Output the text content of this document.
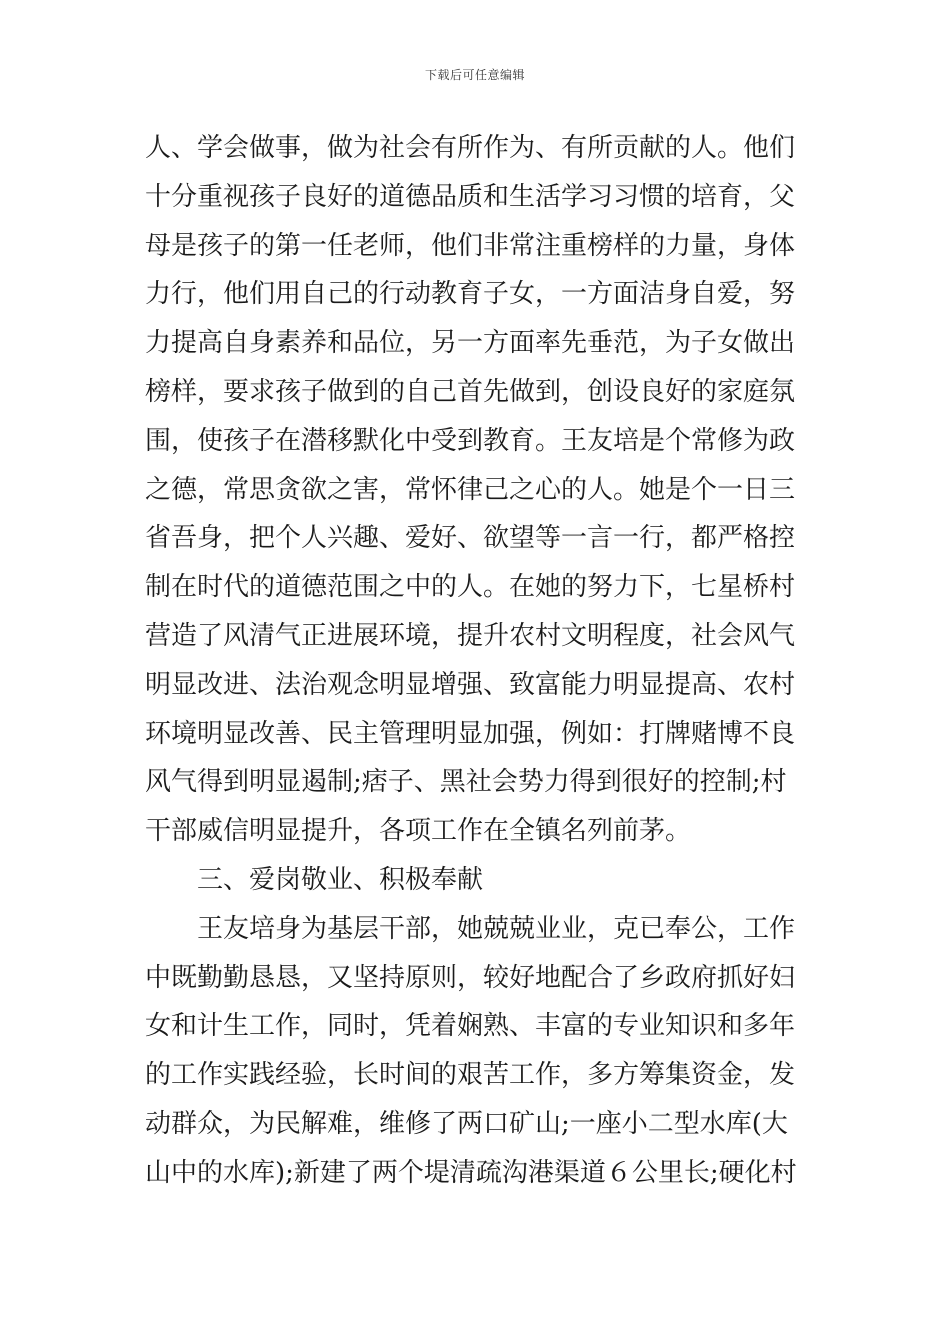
下载后可任意编辑
人、学会做事，做为社会有所作为、有所贡献的人。他们
十分重视孩子良好的道德品质和生活学习习惯的培育，父
母是孩子的第一任老师，他们非常注重榜样的力量，身体
力行，他们用自己的行动教育子女，一方面洁身自爱，努
力提高自身素养和品位，另一方面率先垂范，为子女做出
榜样，要求孩子做到的自己首先做到，创设良好的家庭氛
围，使孩子在潜移默化中受到教育。王友培是个常修为政
之德，常思贪欲之害，常怀律己之心的人。她是个一日三
省吾身，把个人兴趣、爱好、欲望等一言一行，都严格控
制在时代的道德范围之中的人。在她的努力下，七星桥村
营造了风清气正进展环境，提升农村文明程度，社会风气
明显改进、法治观念明显增强、致富能力明显提高、农村
环境明显改善、民主管理明显加强，例如：打牌赌博不良
风气得到明显遏制;痞子、黑社会势力得到很好的控制;村
干部威信明显提升，各项工作在全镇名列前茅。
三、爱岗敬业、积极奉献
王友培身为基层干部，她兢兢业业，克已奉公，工作
中既勤勤恳恳，又坚持原则，较好地配合了乡政府抓好妇
女和计生工作，同时，凭着娴熟、丰富的专业知识和多年
的工作实践经验，长时间的艰苦工作，多方筹集资金，发
动群众，为民解难，维修了两口矿山;一座小二型水库(大
山中的水库);新建了两个堤清疏沟港渠道６公里长;硬化村
